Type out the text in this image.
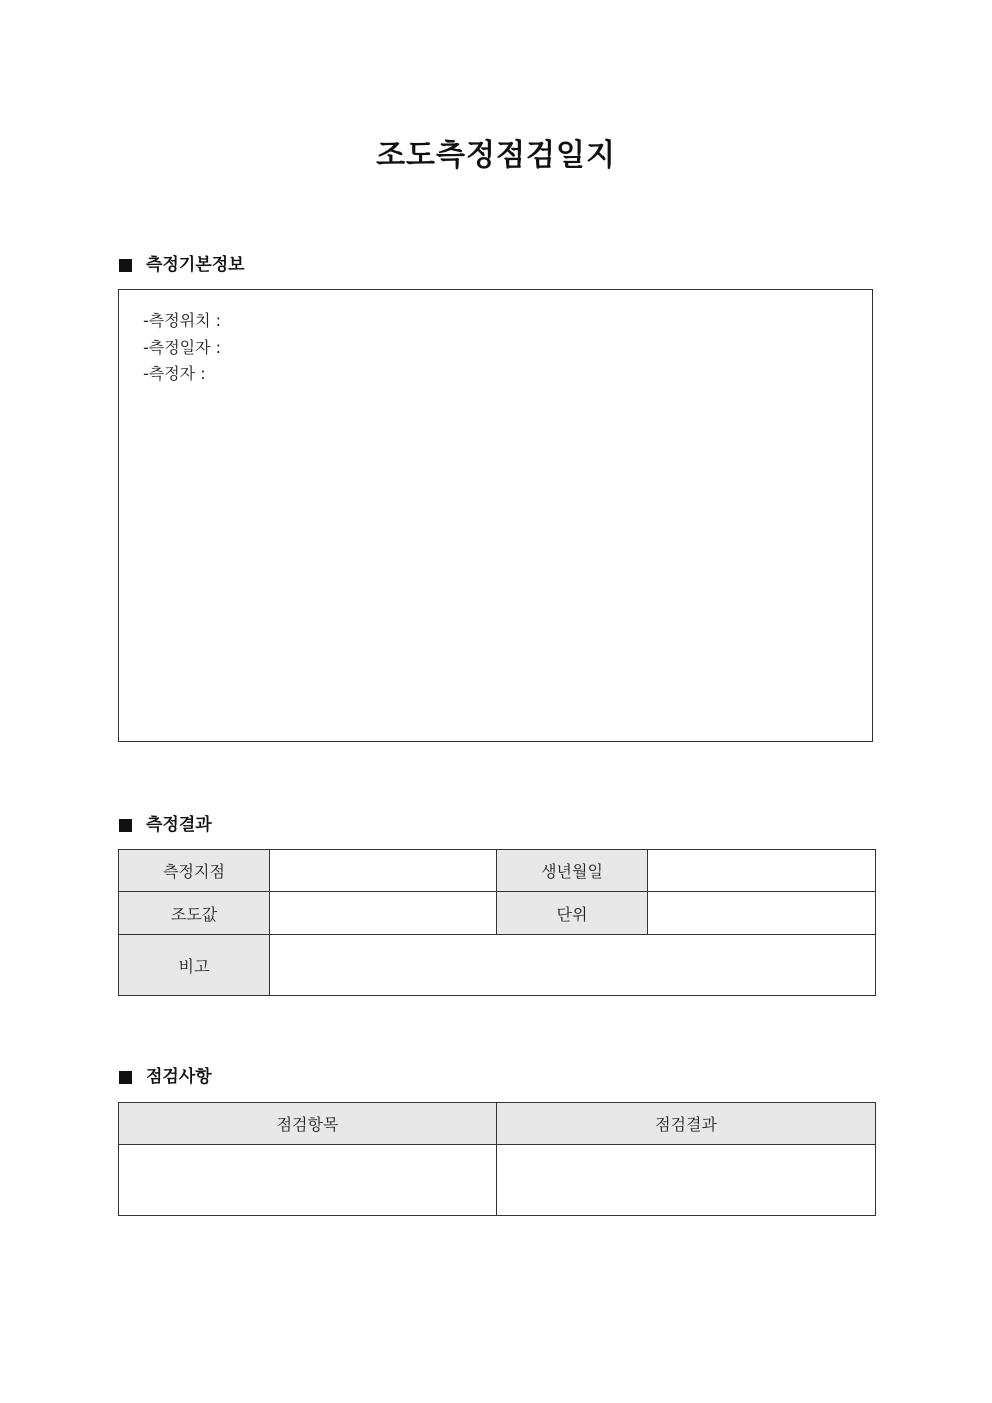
조도측정점검일지
측정기본정보
-측정위치 :
-측정일자 :
-측정자 :
측정결과
측정지점		생년월일	
조도값		단위	
비고			
점검사항
점검항목	점검결과
